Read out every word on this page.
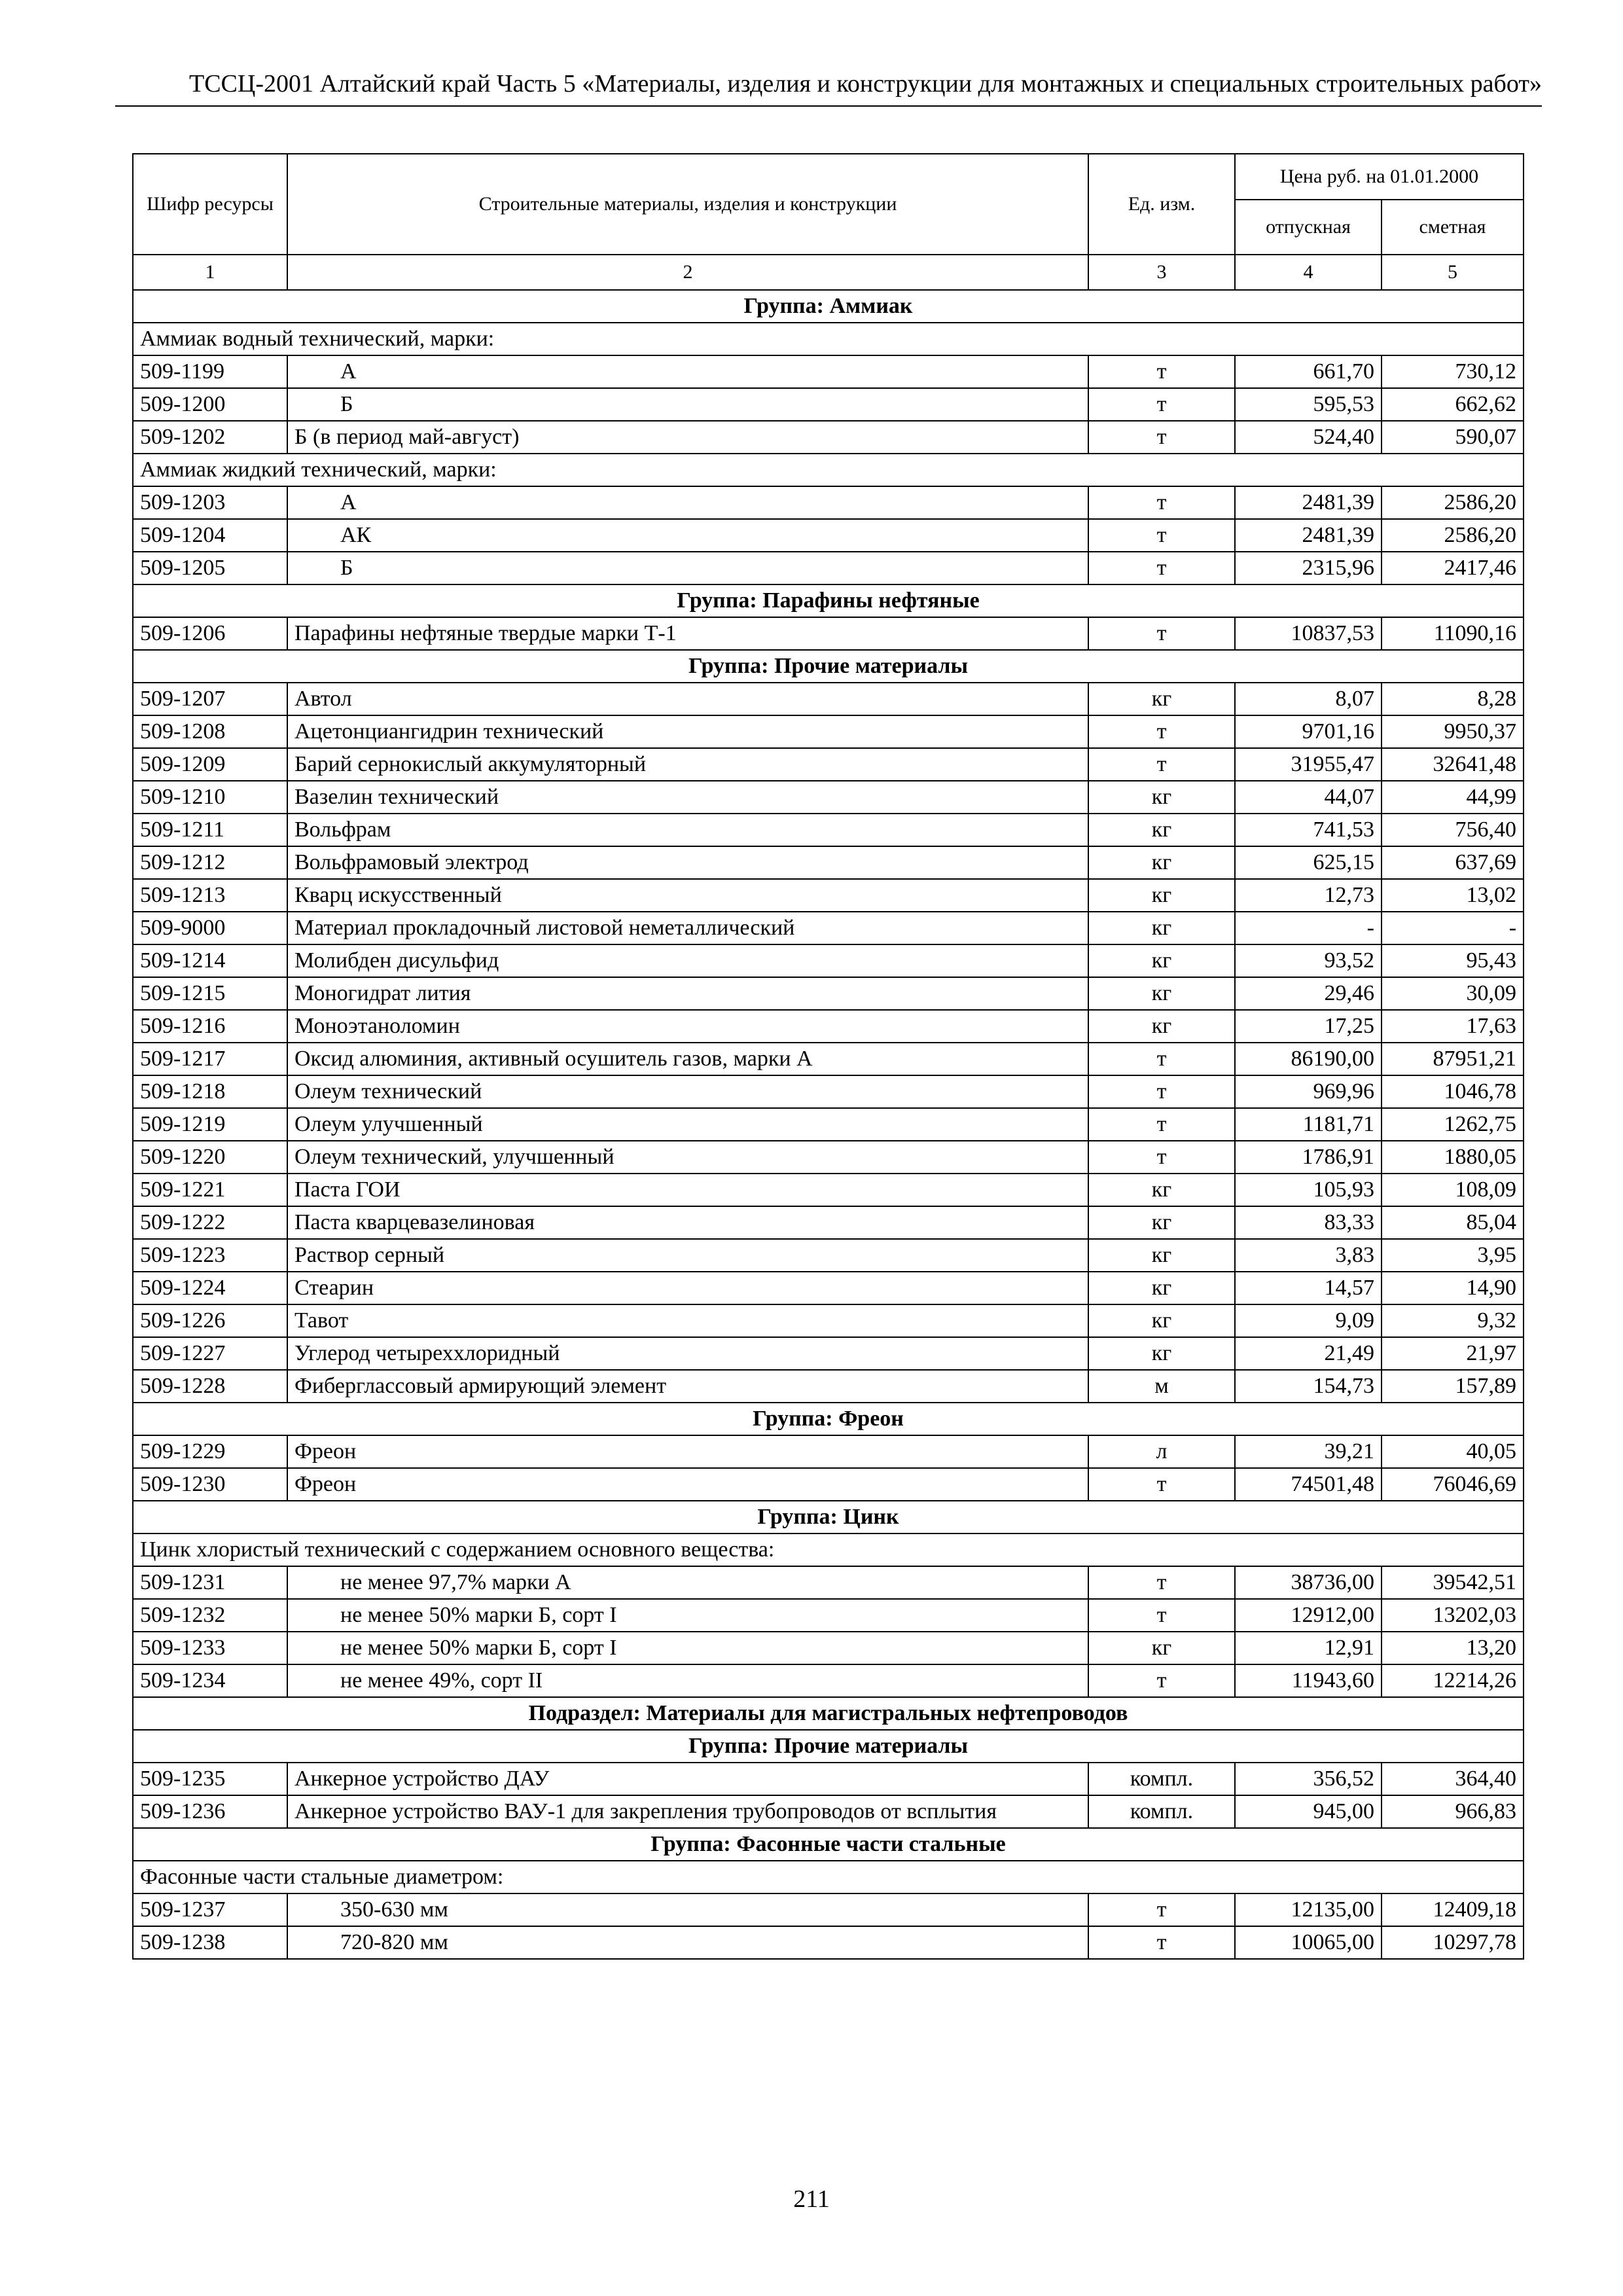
ТССЦ-2001 Алтайский край Часть 5 «Материалы, изделия и конструкции для монтажных и специальных строительных работ»
Шифр ресурсы	Строительные материалы, изделия и конструкции	Ед. изм.	Цена руб. на 01.01.2000	
			отпускная	сметная
1	2	3	4	5
Группа: Аммиак				
Аммиак водный технический, марки:				
509-1199	А	т	661,70	730,12
509-1200	Б	т	595,53	662,62
509-1202	Б (в период май-август)	т	524,40	590,07
Аммиак жидкий технический, марки:				
509-1203	А	т	2481,39	2586,20
509-1204	АК	т	2481,39	2586,20
509-1205	Б	т	2315,96	2417,46
Группа: Парафины нефтяные				
509-1206	Парафины нефтяные твердые марки Т-1	т	10837,53	11090,16
Группа: Прочие материалы				
509-1207	Автол	кг	8,07	8,28
509-1208	Ацетонциангидрин технический	т	9701,16	9950,37
509-1209	Барий сернокислый аккумуляторный	т	31955,47	32641,48
509-1210	Вазелин технический	кг	44,07	44,99
509-1211	Вольфрам	кг	741,53	756,40
509-1212	Вольфрамовый электрод	кг	625,15	637,69
509-1213	Кварц искусственный	кг	12,73	13,02
509-9000	Материал прокладочный листовой неметаллический	кг	-	-
509-1214	Молибден дисульфид	кг	93,52	95,43
509-1215	Моногидрат лития	кг	29,46	30,09
509-1216	Моноэтаноломин	кг	17,25	17,63
509-1217	Оксид алюминия, активный осушитель газов, марки А	т	86190,00	87951,21
509-1218	Олеум технический	т	969,96	1046,78
509-1219	Олеум улучшенный	т	1181,71	1262,75
509-1220	Олеум технический, улучшенный	т	1786,91	1880,05
509-1221	Паста ГОИ	кг	105,93	108,09
509-1222	Паста кварцевазелиновая	кг	83,33	85,04
509-1223	Раствор серный	кг	3,83	3,95
509-1224	Стеарин	кг	14,57	14,90
509-1226	Тавот	кг	9,09	9,32
509-1227	Углерод четыреххлоридный	кг	21,49	21,97
509-1228	Фиберглассовый армирующий элемент	м	154,73	157,89
Группа: Фреон				
509-1229	Фреон	л	39,21	40,05
509-1230	Фреон	т	74501,48	76046,69
Группа: Цинк				
Цинк хлористый технический с содержанием основного вещества:				
509-1231	не менее 97,7% марки А	т	38736,00	39542,51
509-1232	не менее 50% марки Б, сорт I	т	12912,00	13202,03
509-1233	не менее 50% марки Б, сорт I	кг	12,91	13,20
509-1234	не менее 49%, сорт II	т	11943,60	12214,26
Подраздел: Материалы для магистральных нефтепроводов				
Группа: Прочие материалы				
509-1235	Анкерное устройство ДАУ	компл.	356,52	364,40
509-1236	Анкерное устройство ВАУ-1 для закрепления трубопроводов от всплытия	компл.	945,00	966,83
Группа: Фасонные части стальные				
Фасонные части стальные диаметром:				
509-1237	350-630 мм	т	12135,00	12409,18
509-1238	720-820 мм	т	10065,00	10297,78
211
